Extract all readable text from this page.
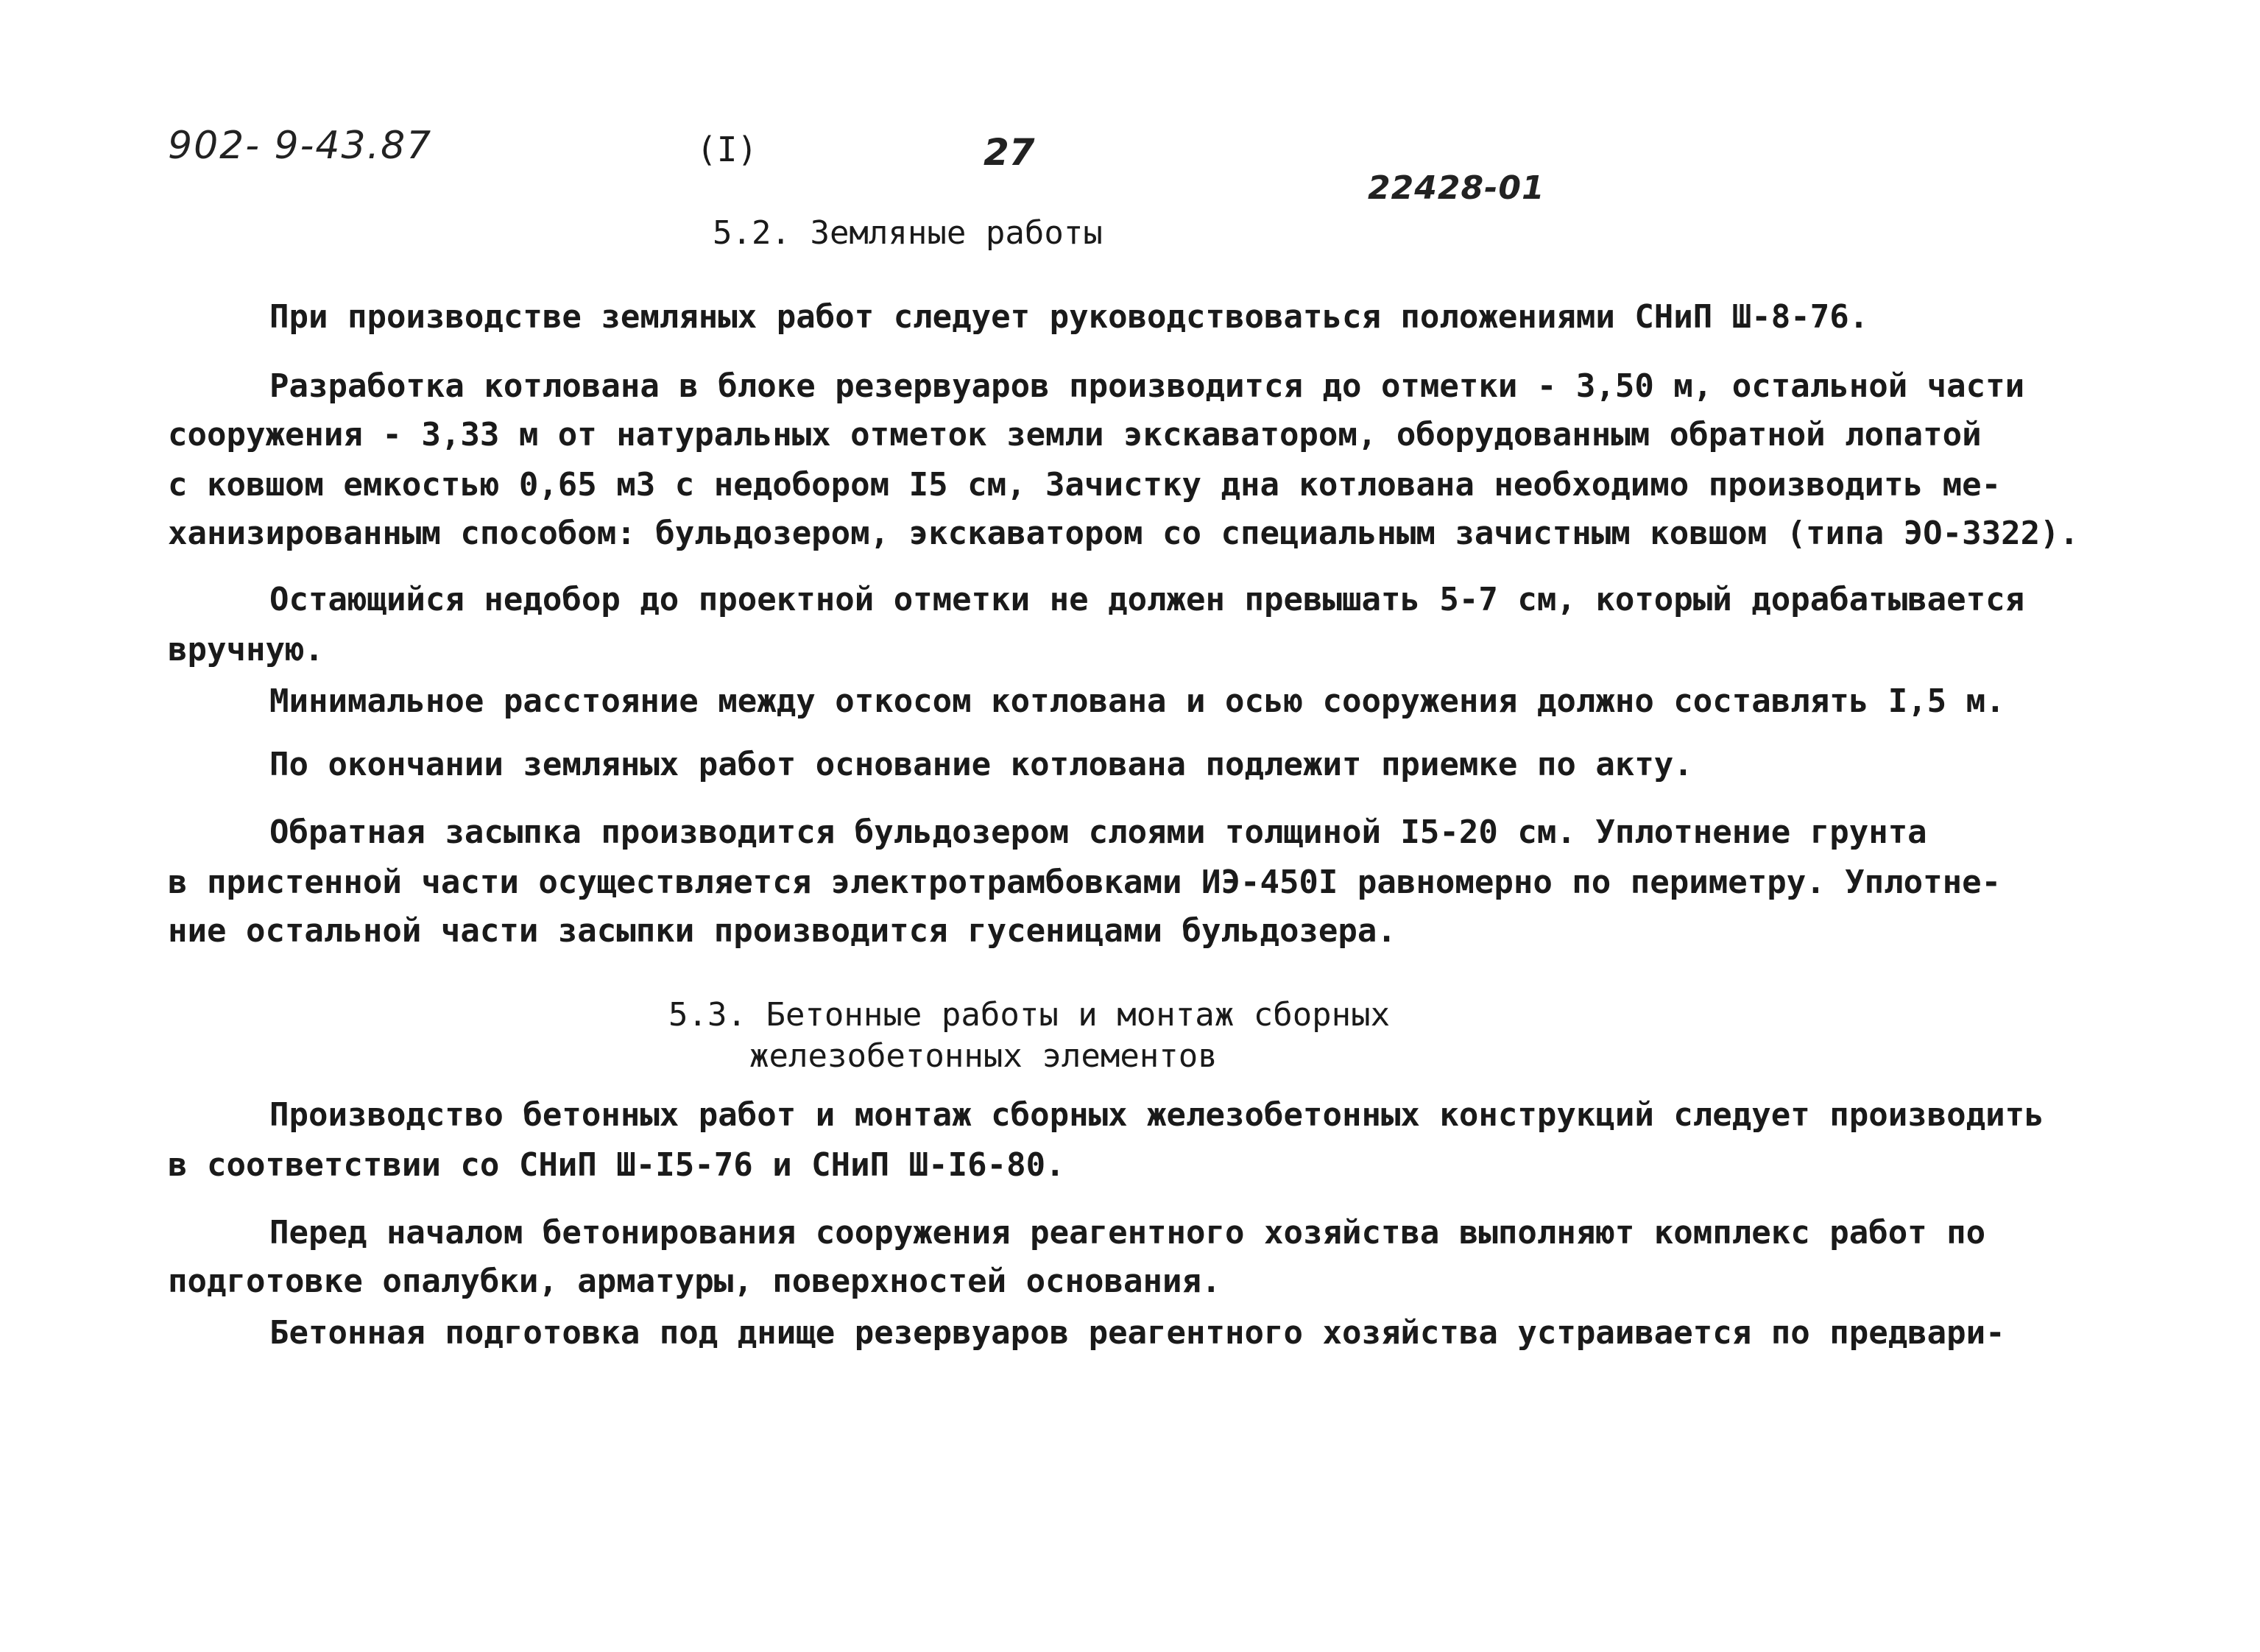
902- 9-43.87	(I)	27
22428-01
5.2. Земляные работы
При производстве земляных работ следует руководствоваться положениями СНиП Ш-8-76.
Разработка котлована в блоке резервуаров производится до отметки - 3,50 м, остальной части
сооружения - 3,33 м от натуральных отметок земли экскаватором, оборудованным обратной лопатой
с ковшом емкостью 0,65 м3 с недобором I5 см, Зачистку дна котлована необходимо производить ме-
ханизированным способом: бульдозером, экскаватором со специальным зачистным ковшом (типа ЭО-3322).
Остающийся недобор до проектной отметки не должен превышать 5-7 см, который дорабатывается
вручную.
Минимальное расстояние между откосом котлована и осью сооружения должно составлять I,5 м.
По окончании земляных работ основание котлована подлежит приемке по акту.
Обратная засыпка производится бульдозером слоями толщиной I5-20 см. Уплотнение грунта
в пристенной части осуществляется электротрамбовками ИЭ-450I равномерно по периметру. Уплотне-
ние остальной части засыпки производится гусеницами бульдозера.
5.3. Бетонные работы и монтаж сборных
железобетонных элементов
Производство бетонных работ и монтаж сборных железобетонных конструкций следует производить
в соответствии со СНиП Ш-I5-76 и СНиП Ш-I6-80.
Перед началом бетонирования сооружения реагентного хозяйства выполняют комплекс работ по
подготовке опалубки, арматуры, поверхностей основания.
Бетонная подготовка под днище резервуаров реагентного хозяйства устраивается по предвари-
